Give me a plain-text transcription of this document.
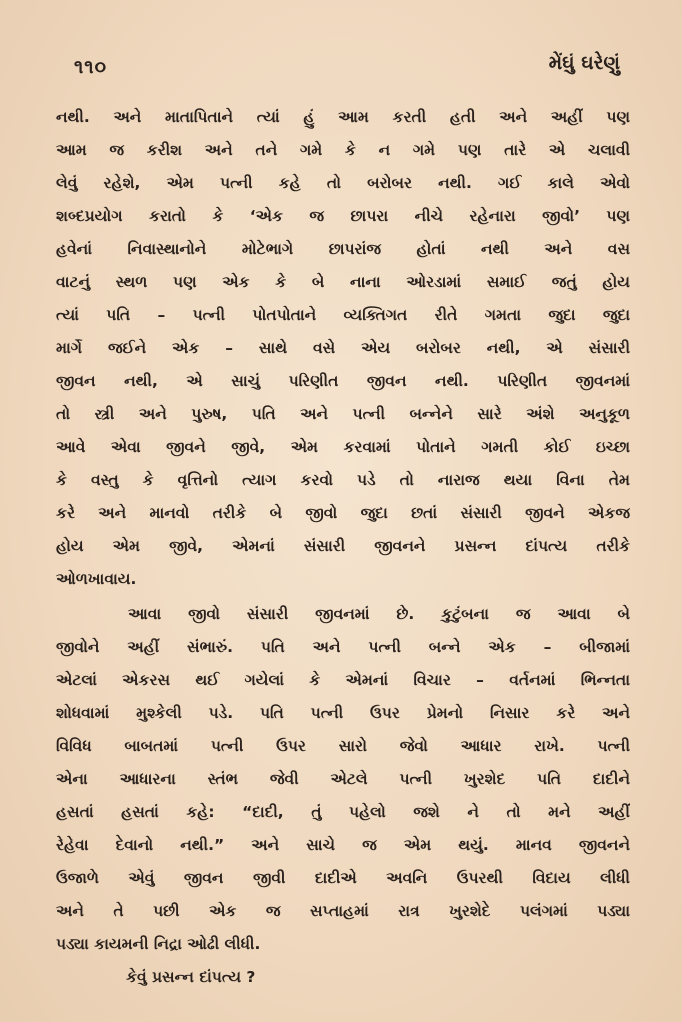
૧૧૦	મેંઘું ઘરેણું
નથી. અને માતાપિતાને ત્યાં હું આમ કરતી હતી અને અહીં પણ
આમ જ કરીશ અને તને ગમે કે ન ગમે પણ તારે એ ચલાવી
લેવું રહેશે, એમ પત્ની કહે તો બરોબર નથી. ગઈ કાલે એવો
શબ્દપ્રયોગ કરાતો કે ‘એક જ છાપરા નીચે રહેનારા જીવો’ પણ
હવેનાં નિવાસ્થાનોને મોટેભાગે છાપરાંજ હોતાં નથી અને વસ
વાટનું સ્થળ પણ એક કે બે નાના ઓરડામાં સમાઈ જતું હોય
ત્યાં પતિ – પત્ની પોતપોતાને વ્યક્તિગત રીતે ગમતા જુદા જુદા
માર્ગે જઈને એક – સાથે વસે એય બરોબર નથી, એ સંસારી
જીવન નથી, એ સાચું પરિણીત જીવન નથી. પરિણીત જીવનમાં
તો સ્ત્રી અને પુરુષ, પતિ અને પત્ની બન્નેને સારે અંશે અનુકૂળ
આવે એવા જીવને જીવે, એમ કરવામાં પોતાને ગમતી કોઈ ઇચ્છા
કે વસ્તુ કે વૃત્તિનો ત્યાગ કરવો પડે તો નારાજ થયા વિના તેમ
કરે અને માનવો તરીકે બે જીવો જુદા છતાં સંસારી જીવને એકજ
હોય એમ જીવે, એમનાં સંસારી જીવનને પ્રસન્ન દાંપત્ય તરીકે
ઓળખાવાય.
આવા જીવો સંસારી જીવનમાં છે. કુટુંબના જ આવા બે
જીવોને અહીં સંભારું. પતિ અને પત્ની બન્ને એક – બીજામાં
એટલાં એકરસ થઈ ગયેલાં કે એમનાં વિચાર – વર્તનમાં ભિન્નતા
શોધવામાં મુશ્કેલી પડે. પતિ પત્ની ઉપર પ્રેમનો નિસાર કરે અને
વિવિધ બાબતમાં પત્ની ઉપર સારો જેવો આધાર રાખે. પત્ની
એના આધારના સ્તંભ જેવી એટલે પત્ની ખુરશેદ પતિ દાદીને
હસતાં હસતાં કહે: “દાદી, તું પહેલો જશે ને તો મને અહીં
રેહેવા દેવાનો નથી.” અને સાચે જ એમ થયું. માનવ જીવનને
ઉજાળે એવું જીવન જીવી દાદીએ અવનિ ઉપરથી વિદાય લીધી
અને તે પછી એક જ સપ્તાહમાં રાત્ર ખુરશેદે પલંગમાં પડ્યા
પડ્યા કાયમની નિદ્રા ઓઢી લીધી.
કેવું પ્રસન્ન દાંપત્ય ?
